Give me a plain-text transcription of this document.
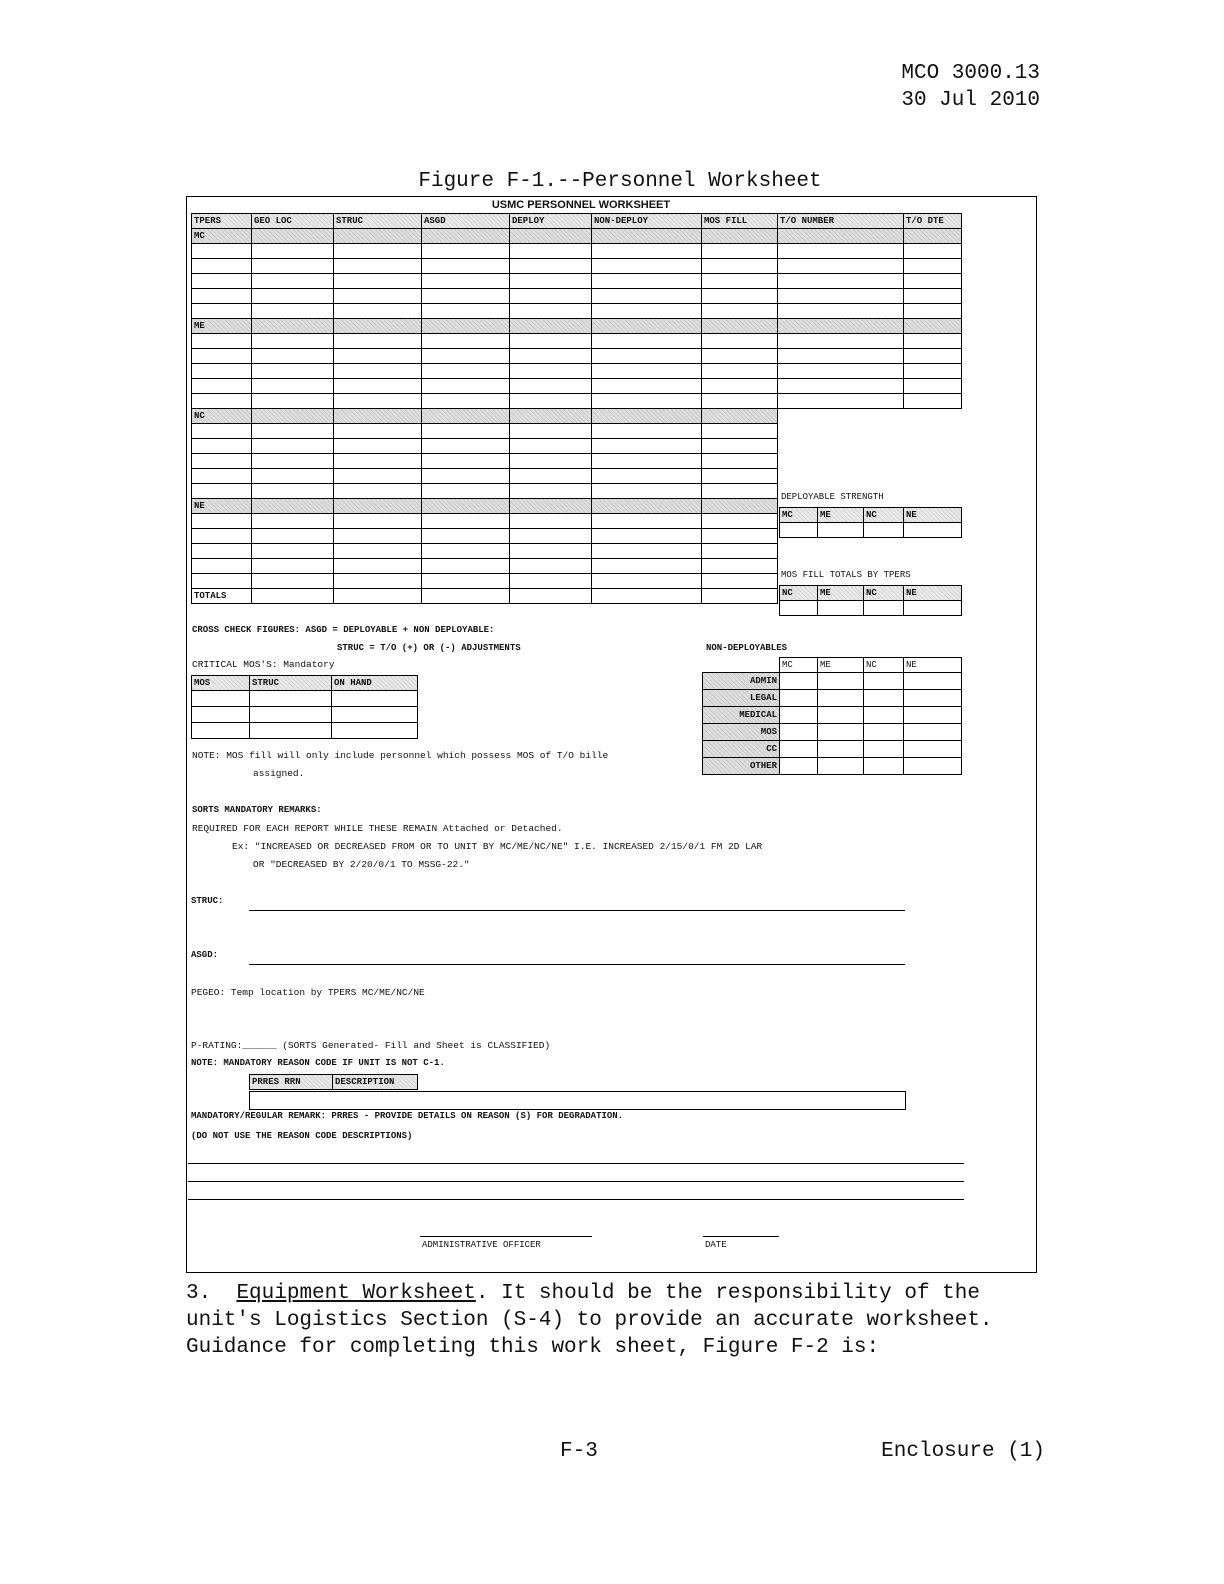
MCO 3000.13
30 Jul 2010
Figure F-1.--Personnel Worksheet
USMC PERSONNEL WORKSHEET
TPERS	GEO LOC	STRUC	ASGD	DEPLOY	NON-DEPLOY	MOS FILL	T/O NUMBER	T/O DTE
MC								

ME								

NC								

NE								

TOTALS								
DEPLOYABLE STRENGTH
MC	ME	NC	NE

MOS FILL TOTALS BY TPERS
NC	ME	NC	NE

CROSS CHECK FIGURES: ASGD = DEPLOYABLE + NON DEPLOYABLE:
STRUC = T/O (+) OR (-) ADJUSTMENTS	NON-DEPLOYABLES
CRITICAL MOS'S: Mandatory
MOS	STRUC	ON HAND

	MC	ME	NC	NE
ADMIN				
LEGAL				
MEDICAL				
MOS				
CC				
OTHER				
NOTE: MOS fill will only include personnel which possess MOS of T/O bille
assigned.
SORTS MANDATORY REMARKS:
REQUIRED FOR EACH REPORT WHILE THESE REMAIN Attached or Detached.
Ex: "INCREASED OR DECREASED FROM OR TO UNIT BY MC/ME/NC/NE" I.E. INCREASED 2/15/0/1 FM 2D LAR
OR "DECREASED BY 2/20/0/1 TO MSSG-22."
STRUC:
ASGD:
PEGEO: Temp location by TPERS MC/ME/NC/NE
P-RATING:______ (SORTS Generated- Fill and Sheet is CLASSIFIED)
NOTE: MANDATORY REASON CODE IF UNIT IS NOT C-1.
PRRES RRN	DESCRIPTION
MANDATORY/REGULAR REMARK: PRRES - PROVIDE DETAILS ON REASON (S) FOR DEGRADATION.
(DO NOT USE THE REASON CODE DESCRIPTIONS)
ADMINISTRATIVE OFFICER	DATE
3. Equipment Worksheet. It should be the responsibility of the unit's Logistics Section (S-4) to provide an accurate worksheet. Guidance for completing this work sheet, Figure F-2 is:
F-3	Enclosure (1)
